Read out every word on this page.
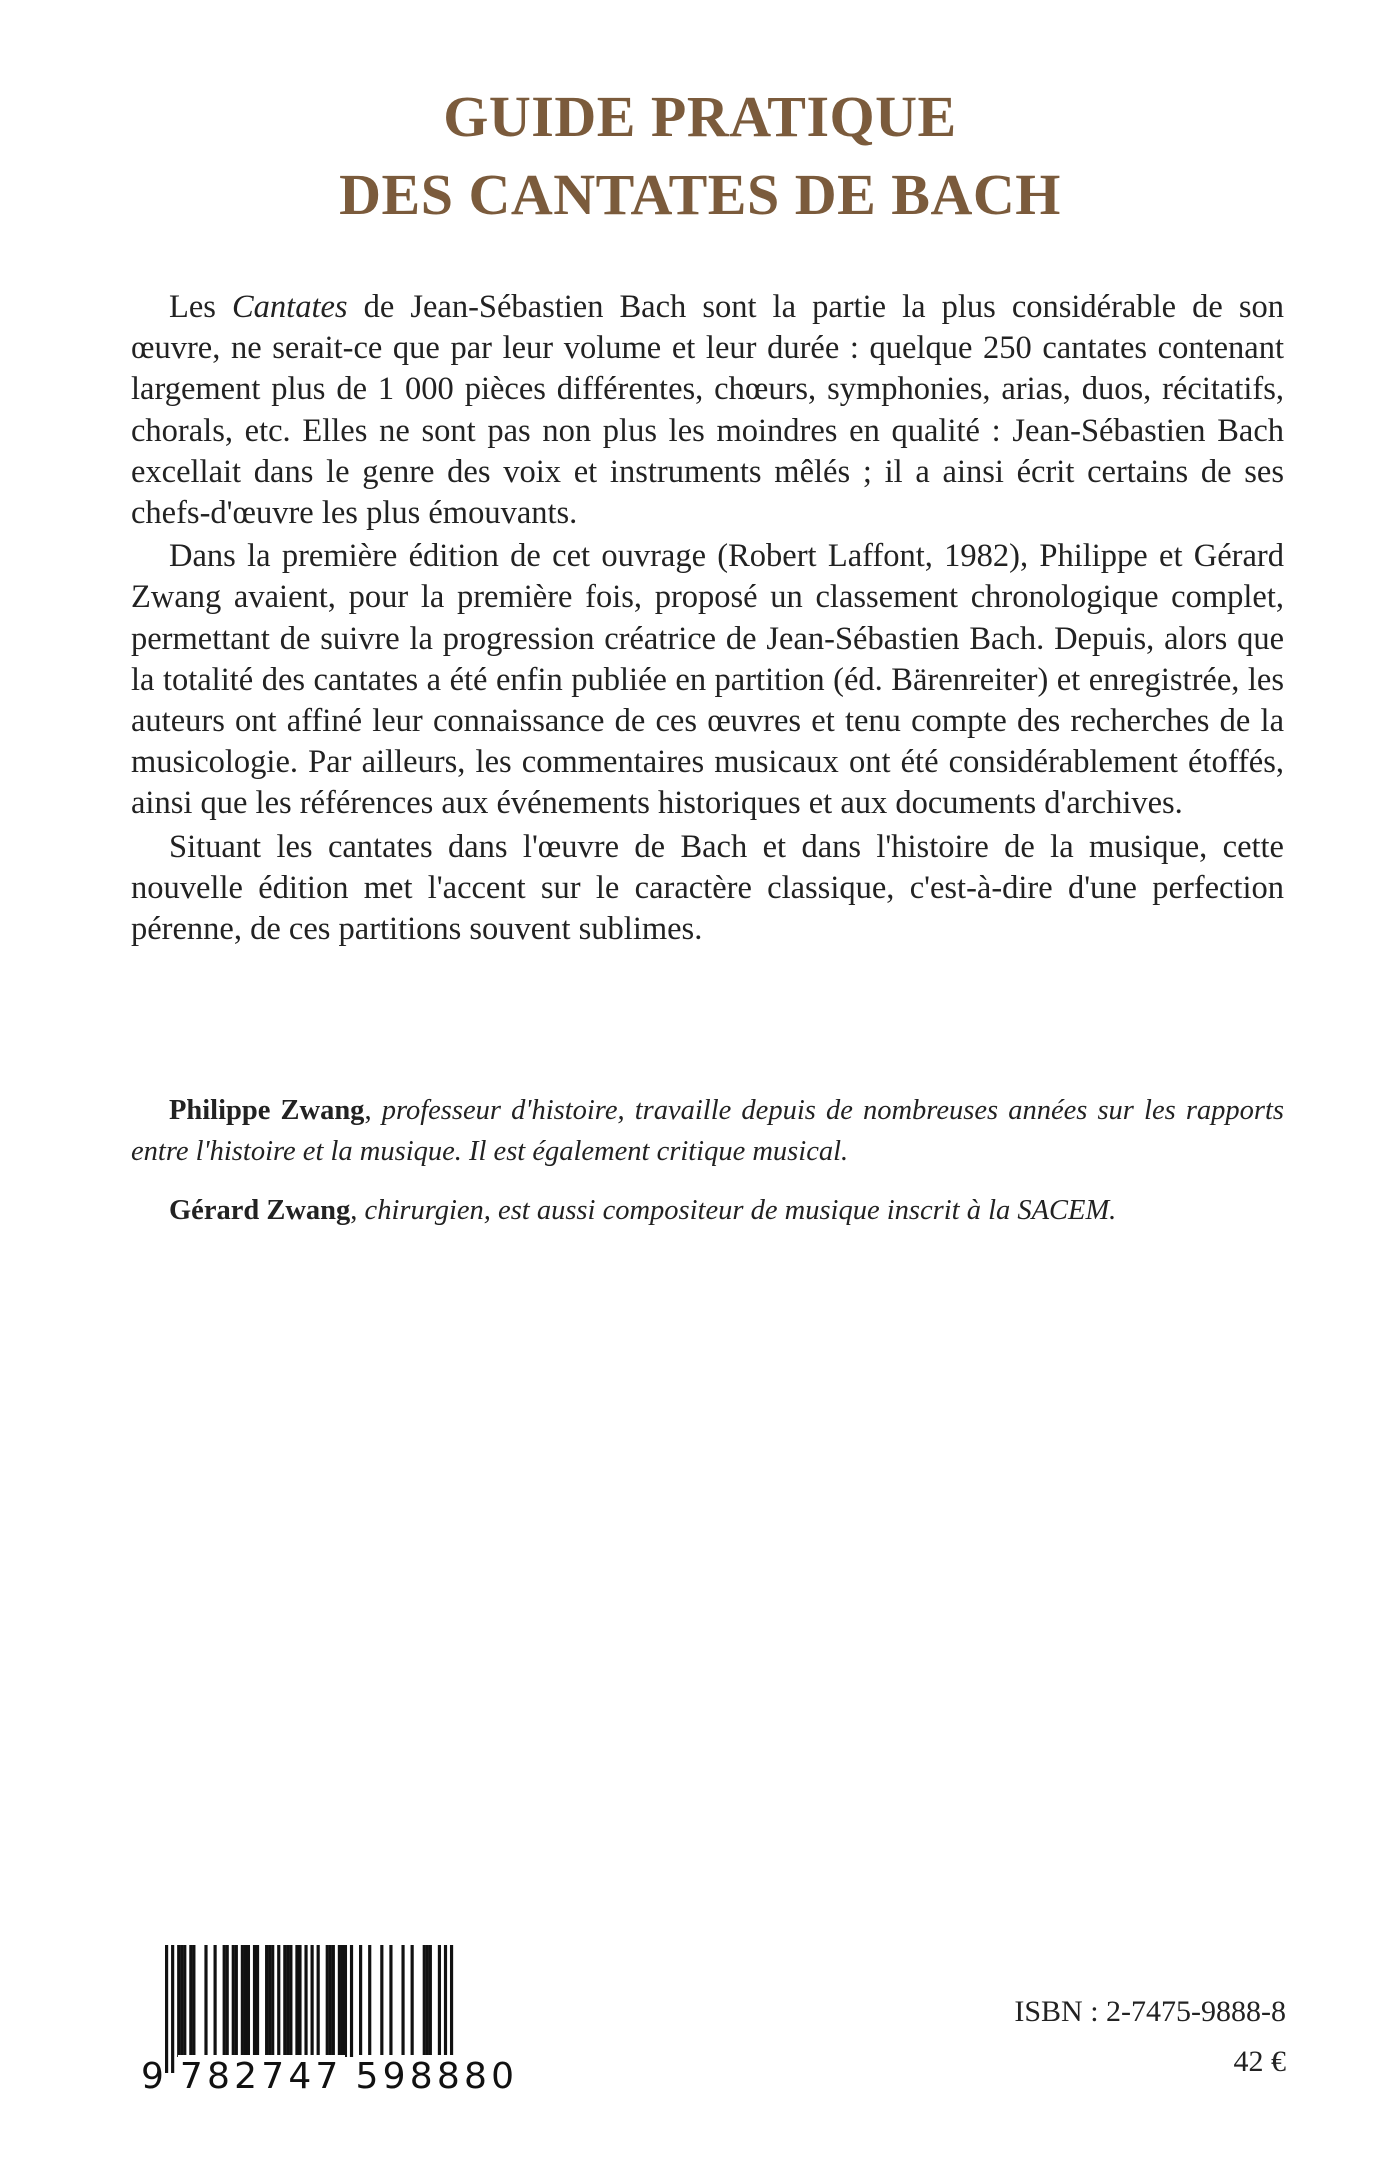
GUIDE PRATIQUE
DES CANTATES DE BACH

Les Cantates de Jean-Sébastien Bach sont la partie la plus considérable de son œuvre, ne serait-ce que par leur volume et leur durée : quelque 250 cantates contenant largement plus de 1 000 pièces différentes, chœurs, symphonies, arias, duos, récitatifs, chorals, etc. Elles ne sont pas non plus les moindres en qualité : Jean-Sébastien Bach excellait dans le genre des voix et instruments mêlés ; il a ainsi écrit certains de ses chefs-d'œuvre les plus émouvants.

Dans la première édition de cet ouvrage (Robert Laffont, 1982), Philippe et Gérard Zwang avaient, pour la première fois, proposé un classement chronologique complet, permettant de suivre la progression créatrice de Jean-Sébastien Bach. Depuis, alors que la totalité des cantates a été enfin publiée en partition (éd. Bärenreiter) et enregistrée, les auteurs ont affiné leur connaissance de ces œuvres et tenu compte des recherches de la musicologie. Par ailleurs, les commentaires musicaux ont été considérablement étoffés, ainsi que les références aux événements historiques et aux documents d'archives.

Situant les cantates dans l'œuvre de Bach et dans l'histoire de la musique, cette nouvelle édition met l'accent sur le caractère classique, c'est-à-dire d'une perfection pérenne, de ces partitions souvent sublimes.

Philippe Zwang, professeur d'histoire, travaille depuis de nombreuses années sur les rapports entre l'histoire et la musique. Il est également critique musical.

Gérard Zwang, chirurgien, est aussi compositeur de musique inscrit à la SACEM.

9 782747 598880
ISBN : 2-7475-9888-8
42 €
